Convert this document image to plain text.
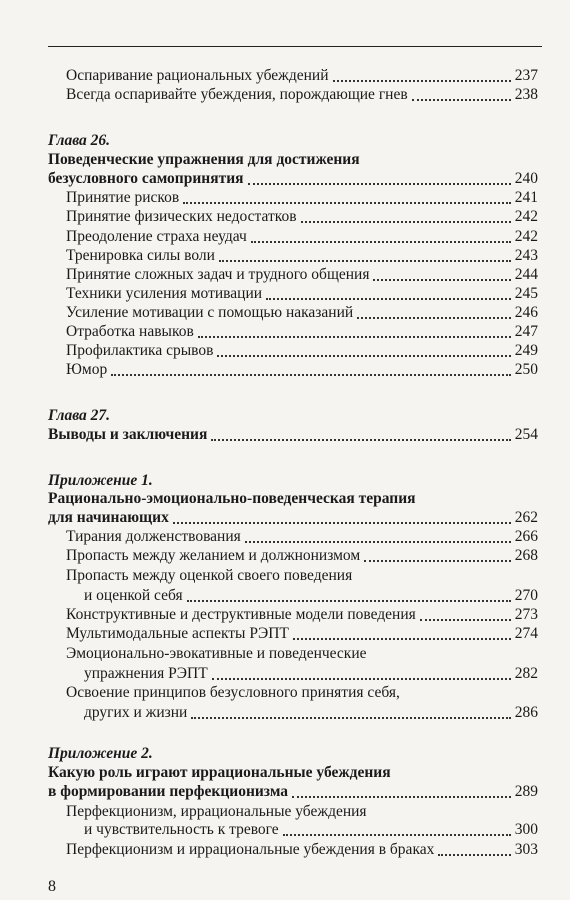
Оспаривание рациональных убеждений	237
Всегда оспаривайте убеждения, порождающие гнев	238
Глава 26.
Поведенческие упражнения для достижения
безусловного самопринятия	240
Принятие рисков	241
Принятие физических недостатков	242
Преодоление страха неудач	242
Тренировка силы воли	243
Принятие сложных задач и трудного общения	244
Техники усиления мотивации	245
Усиление мотивации с помощью наказаний	246
Отработка навыков	247
Профилактика срывов	249
Юмор	250
Глава 27.
Выводы и заключения	254
Приложение 1.
Рационально-эмоционально-поведенческая терапия
для начинающих	262
Тирания долженствования	266
Пропасть между желанием и должнонизмом	268
Пропасть между оценкой своего поведения
и оценкой себя	270
Конструктивные и деструктивные модели поведения	273
Мультимодальные аспекты РЭПТ	274
Эмоционально-эвокативные и поведенческие
упражнения РЭПТ	282
Освоение принципов безусловного принятия себя,
других и жизни	286
Приложение 2.
Какую роль играют иррациональные убеждения
в формировании перфекционизма	289
Перфекционизм, иррациональные убеждения
и чувствительность к тревоге	300
Перфекционизм и иррациональные убеждения в браках	303
8
